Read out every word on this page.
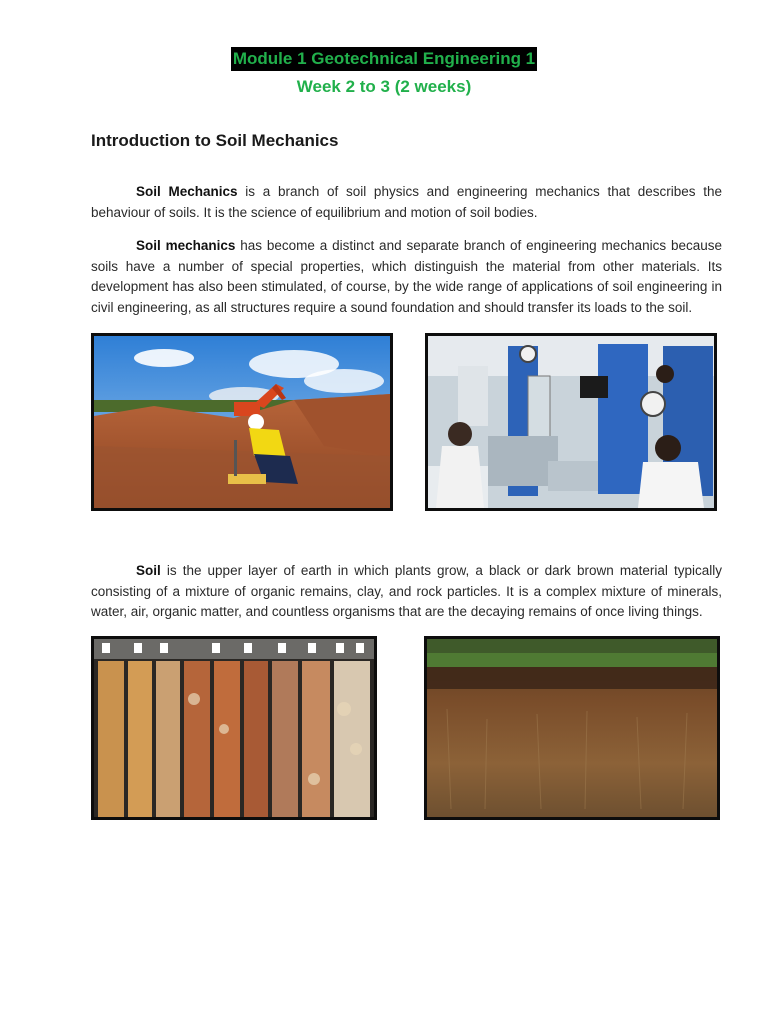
Module 1 Geotechnical Engineering 1
Week 2 to 3 (2 weeks)
Introduction to Soil Mechanics

Soil Mechanics is a branch of soil physics and engineering mechanics that describes the behaviour of soils. It is the science of equilibrium and motion of soil bodies.

Soil mechanics has become a distinct and separate branch of engineering mechanics because soils have a number of special properties, which distinguish the material from other materials. Its development has also been stimulated, of course, by the wide range of applications of soil engineering in civil engineering, as all structures require a sound foundation and should transfer its loads to the soil.

Soil is the upper layer of earth in which plants grow, a black or dark brown material typically consisting of a mixture of organic remains, clay, and rock particles. It is a complex mixture of minerals, water, air, organic matter, and countless organisms that are the decaying remains of once living things.
